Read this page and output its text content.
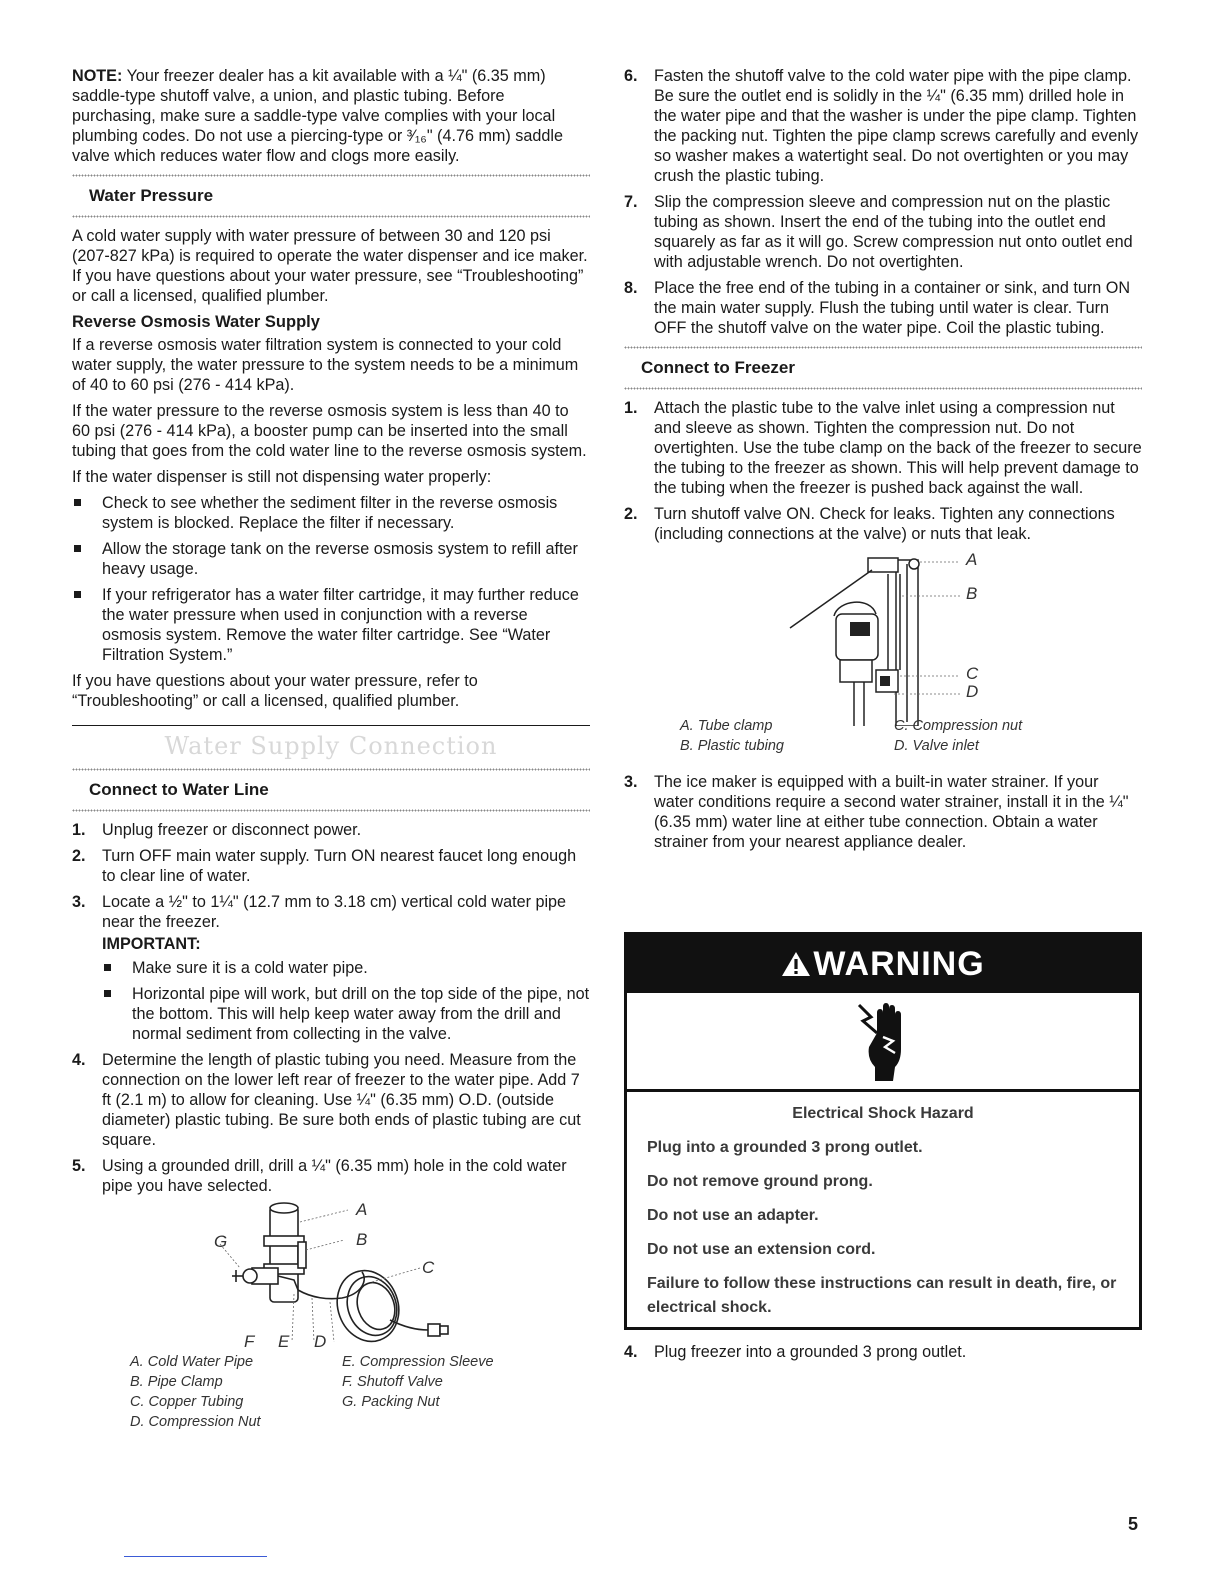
NOTE: Your freezer dealer has a kit available with a ¼" (6.35 mm) saddle-type shutoff valve, a union, and plastic tubing. Before purchasing, make sure a saddle-type valve complies with your local plumbing codes. Do not use a piercing-type or ³⁄₁₆" (4.76 mm) saddle valve which reduces water flow and clogs more easily.

Water Pressure

A cold water supply with water pressure of between 30 and 120 psi (207-827 kPa) is required to operate the water dispenser and ice maker. If you have questions about your water pressure, see “Troubleshooting” or call a licensed, qualified plumber.

Reverse Osmosis Water Supply

If a reverse osmosis water filtration system is connected to your cold water supply, the water pressure to the system needs to be a minimum of 40 to 60 psi (276 - 414 kPa).

If the water pressure to the reverse osmosis system is less than 40 to 60 psi (276 - 414 kPa), a booster pump can be inserted into the small tubing that goes from the cold water line to the reverse osmosis system.

If the water dispenser is still not dispensing water properly:

Check to see whether the sediment filter in the reverse osmosis system is blocked. Replace the filter if necessary.
Allow the storage tank on the reverse osmosis system to refill after heavy usage.
If your refrigerator has a water filter cartridge, it may further reduce the water pressure when used in conjunction with a reverse osmosis system. Remove the water filter cartridge. See “Water Filtration System.”

If you have questions about your water pressure, refer to “Troubleshooting” or call a licensed, qualified plumber.

Water Supply Connection
Connect to Water Line
1. Unplug freezer or disconnect power.
2. Turn OFF main water supply. Turn ON nearest faucet long enough to clear line of water.
3. Locate a ½" to 1¼" (12.7 mm to 3.18 cm) vertical cold water pipe near the freezer.
IMPORTANT:
Make sure it is a cold water pipe.
Horizontal pipe will work, but drill on the top side of the pipe, not the bottom. This will help keep water away from the drill and normal sediment from collecting in the valve.
4. Determine the length of plastic tubing you need. Measure from the connection on the lower left rear of freezer to the water pipe. Add 7 ft (2.1 m) to allow for cleaning. Use ¼" (6.35 mm) O.D. (outside diameter) plastic tubing. Be sure both ends of plastic tubing are cut square.
5. Using a grounded drill, drill a ¼" (6.35 mm) hole in the cold water pipe you have selected.
A
B
G
C
F E D
A. Cold Water Pipe
B. Pipe Clamp
C. Copper Tubing
D. Compression Nut
E. Compression Sleeve
F. Shutoff Valve
G. Packing Nut
6. Fasten the shutoff valve to the cold water pipe with the pipe clamp. Be sure the outlet end is solidly in the ¼" (6.35 mm) drilled hole in the water pipe and that the washer is under the pipe clamp. Tighten the packing nut. Tighten the pipe clamp screws carefully and evenly so washer makes a watertight seal. Do not overtighten or you may crush the plastic tubing.
7. Slip the compression sleeve and compression nut on the plastic tubing as shown. Insert the end of the tubing into the outlet end squarely as far as it will go. Screw compression nut onto outlet end with adjustable wrench. Do not overtighten.
8. Place the free end of the tubing in a container or sink, and turn ON the main water supply. Flush the tubing until water is clear. Turn OFF the shutoff valve on the water pipe. Coil the plastic tubing.
Connect to Freezer
1. Attach the plastic tube to the valve inlet using a compression nut and sleeve as shown. Tighten the compression nut. Do not overtighten. Use the tube clamp on the back of the freezer to secure the tubing to the freezer as shown. This will help prevent damage to the tubing when the freezer is pushed back against the wall.
2. Turn shutoff valve ON. Check for leaks. Tighten any connections (including connections at the valve) or nuts that leak.
A
B
C
D
A. Tube clamp
B. Plastic tubing
C. Compression nut
D. Valve inlet
3. The ice maker is equipped with a built-in water strainer. If your water conditions require a second water strainer, install it in the ¼" (6.35 mm) water line at either tube connection. Obtain a water strainer from your nearest appliance dealer.
WARNING
Electrical Shock Hazard

Plug into a grounded 3 prong outlet.

Do not remove ground prong.

Do not use an adapter.

Do not use an extension cord.

Failure to follow these instructions can result in death, fire, or electrical shock.

4. Plug freezer into a grounded 3 prong outlet.
5
